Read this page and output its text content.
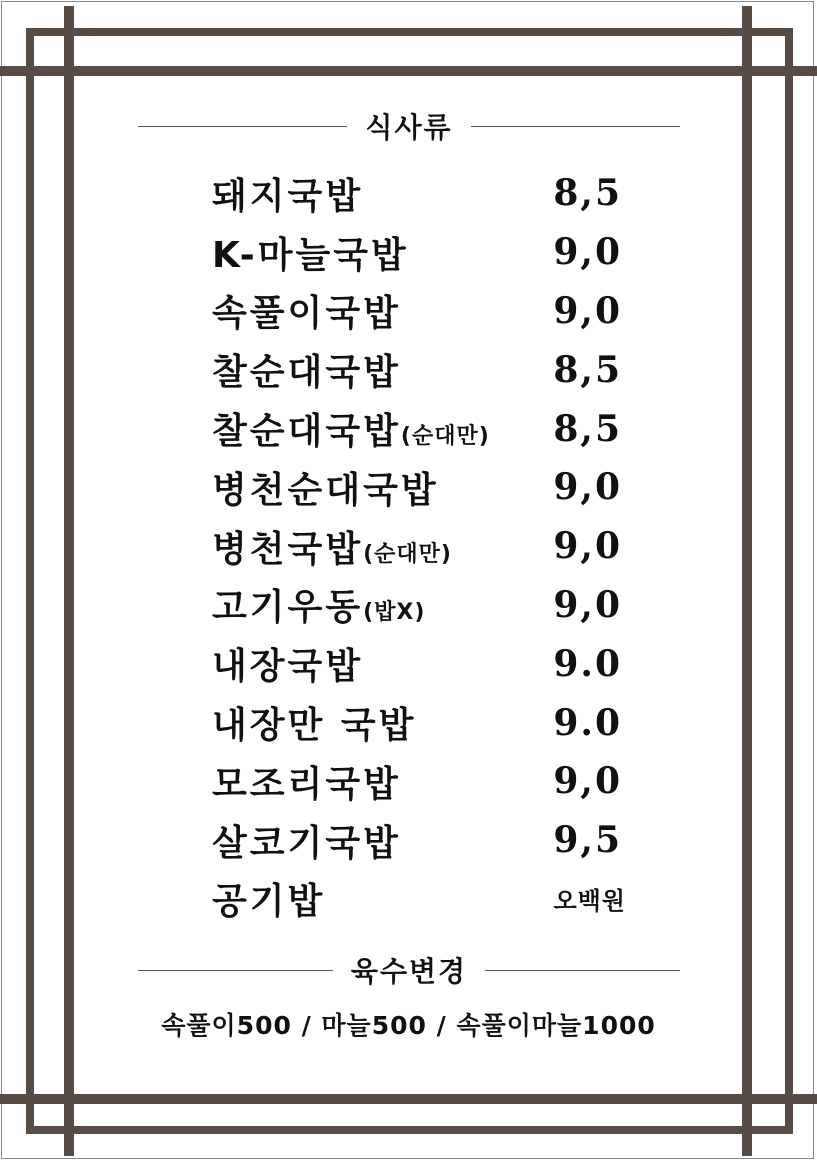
식사류
돼지국밥	8,5
K-마늘국밥	9,0
속풀이국밥	9,0
찰순대국밥	8,5
찰순대국밥(순대만) 8,5
병천순대국밥	9,0
병천국밥(순대만)	9,0
고기우동(밥X)	9,0
내장국밥	9.0
내장만 국밥	9.0
모조리국밥	9,0
살코기국밥	9,5
공기밥	오백원
육수변경
속풀이500 / 마늘500 / 속풀이마늘1000
